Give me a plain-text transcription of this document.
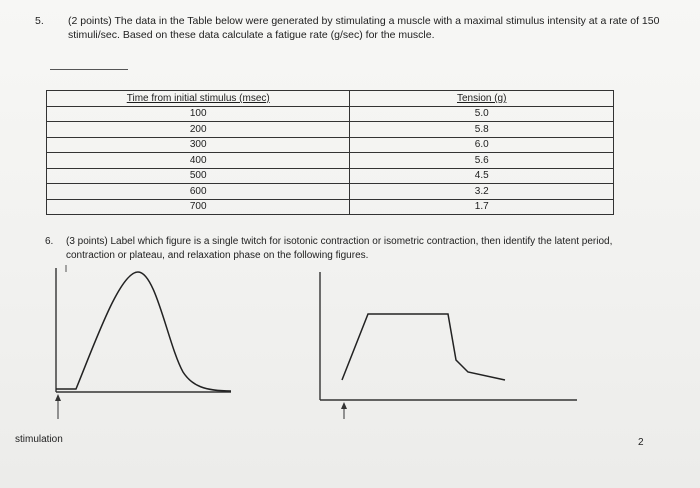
5. (2 points) The data in the Table below were generated by stimulating a muscle with a maximal stimulus intensity at a rate of 150 stimuli/sec. Based on these data calculate a fatigue rate (g/sec) for the muscle.
Time from initial stimulus (msec)	Tension (g)
100	5.0
200	5.8
300	6.0
400	5.6
500	4.5
600	3.2
700	1.7
6. (3 points) Label which figure is a single twitch for isotonic contraction or isometric contraction, then identify the latent period, contraction or plateau, and relaxation phase on the following figures.
stimulation	2
